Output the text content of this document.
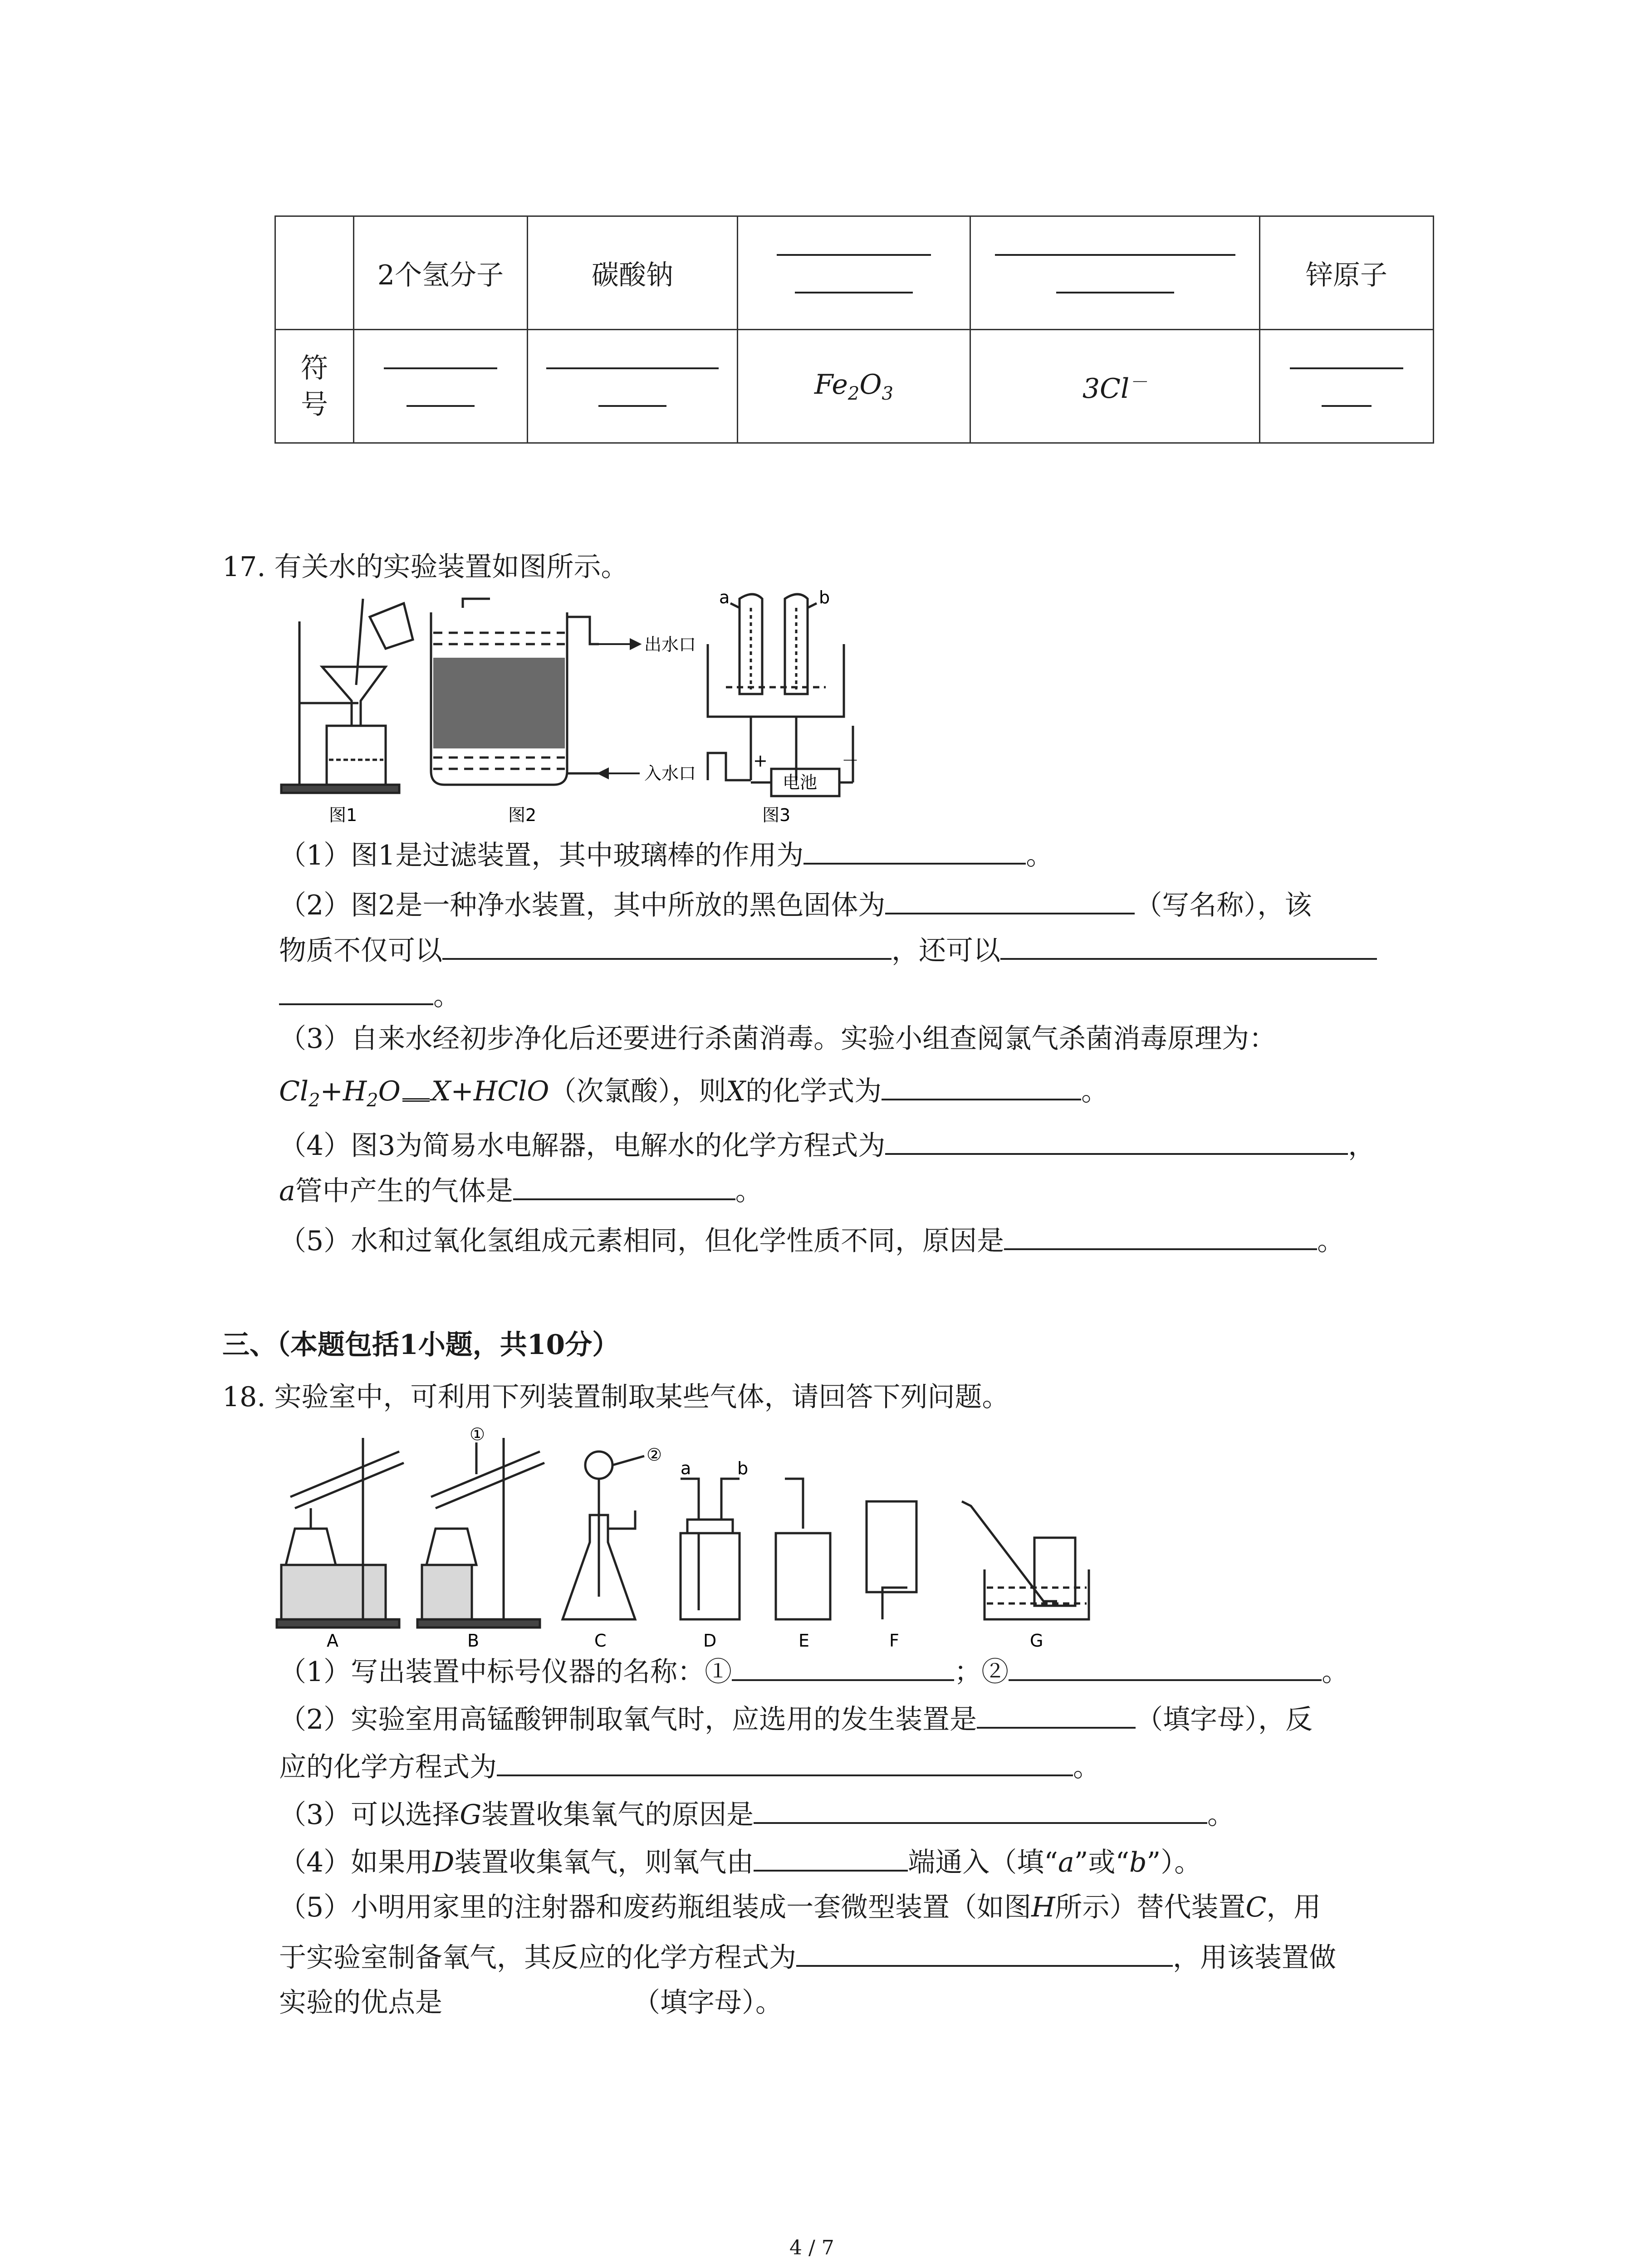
	2个氢分子	碳酸钠			锌原子
符
号			$Fe_2O_3$	3Cl－	
17. 有关水的实验装置如图所示。
图1
出水口
入水口
图2
a	b
电池
+	－
图3
（1）图1是过滤装置，其中玻璃棒的作用为	。
（2）图2是一种净水装置，其中所放的黑色固体为	（写名称），该
物质不仅可以	，还可以
。
（3）自来水经初步净化后还要进行杀菌消毒。实验小组查阅氯气杀菌消毒原理为：
$Cl_2+H_2O$ X+HClO（次氯酸），则X的化学式为	。
（4）图3为简易水电解器，电解水的化学方程式为	，
a管中产生的气体是	。
（5）水和过氧化氢组成元素相同，但化学性质不同，原因是	。
三、（本题包括1小题，共10分）
18. 实验室中，可利用下列装置制取某些气体，请回答下列问题。
A	B	C	D	E	F	G
①
②
a	b
（1）写出装置中标号仪器的名称：①	；②	。
（2）实验室用高锰酸钾制取氧气时，应选用的发生装置是	（填字母），反
应的化学方程式为	。
（3）可以选择G装置收集氧气的原因是	。
（4）如果用D装置收集氧气，则氧气由	端通入（填“a”或“b”）。
（5）小明用家里的注射器和废药瓶组装成一套微型装置（如图H所示）替代装置C，用
于实验室制备氧气，其反应的化学方程式为	，用该装置做
实验的优点是	（填字母）。
4 / 7
